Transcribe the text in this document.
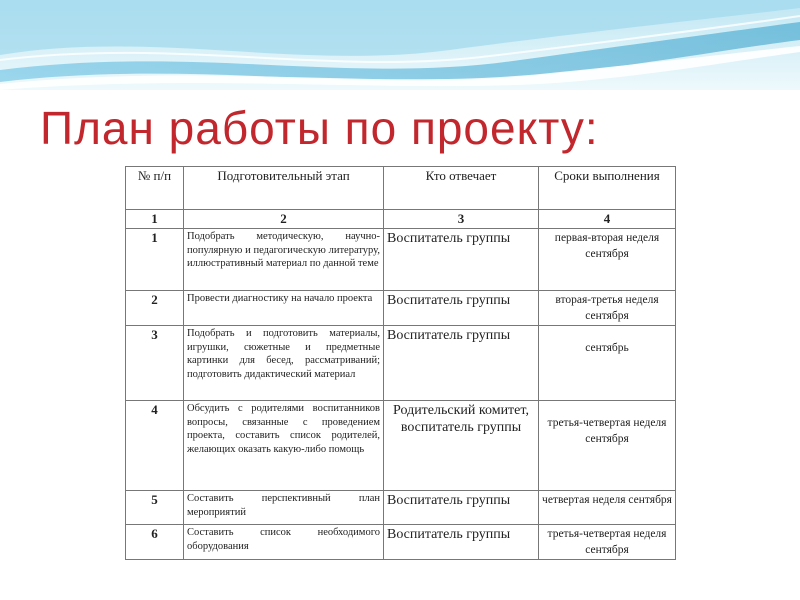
План работы по проекту:
№ п/п	Подготовительный этап	Кто отвечает	Сроки выполнения
1	2	3	4
1	Подобрать методическую, научно-популярную и педагогическую литературу, иллюстративный материал по данной теме	Воспитатель группы	первая-вторая неделя сентября
2	Провести диагностику на начало проекта	Воспитатель группы	вторая-третья неделя сентября
3	Подобрать и подготовить материалы, игрушки, сюжетные и предметные картинки для бесед, рассматриваний; подготовить дидактический материал	Воспитатель группы	сентябрь
4	Обсудить с родителями воспитанников вопросы, связанные с проведением проекта, составить список родителей, желающих оказать какую-либо помощь	Родительский комитет, воспитатель группы	третья-четвертая неделя сентября
5	Составить перспективный план мероприятий	Воспитатель группы	четвертая неделя сентября
6	Составить список необходимого оборудования	Воспитатель группы	третья-четвертая неделя сентября
